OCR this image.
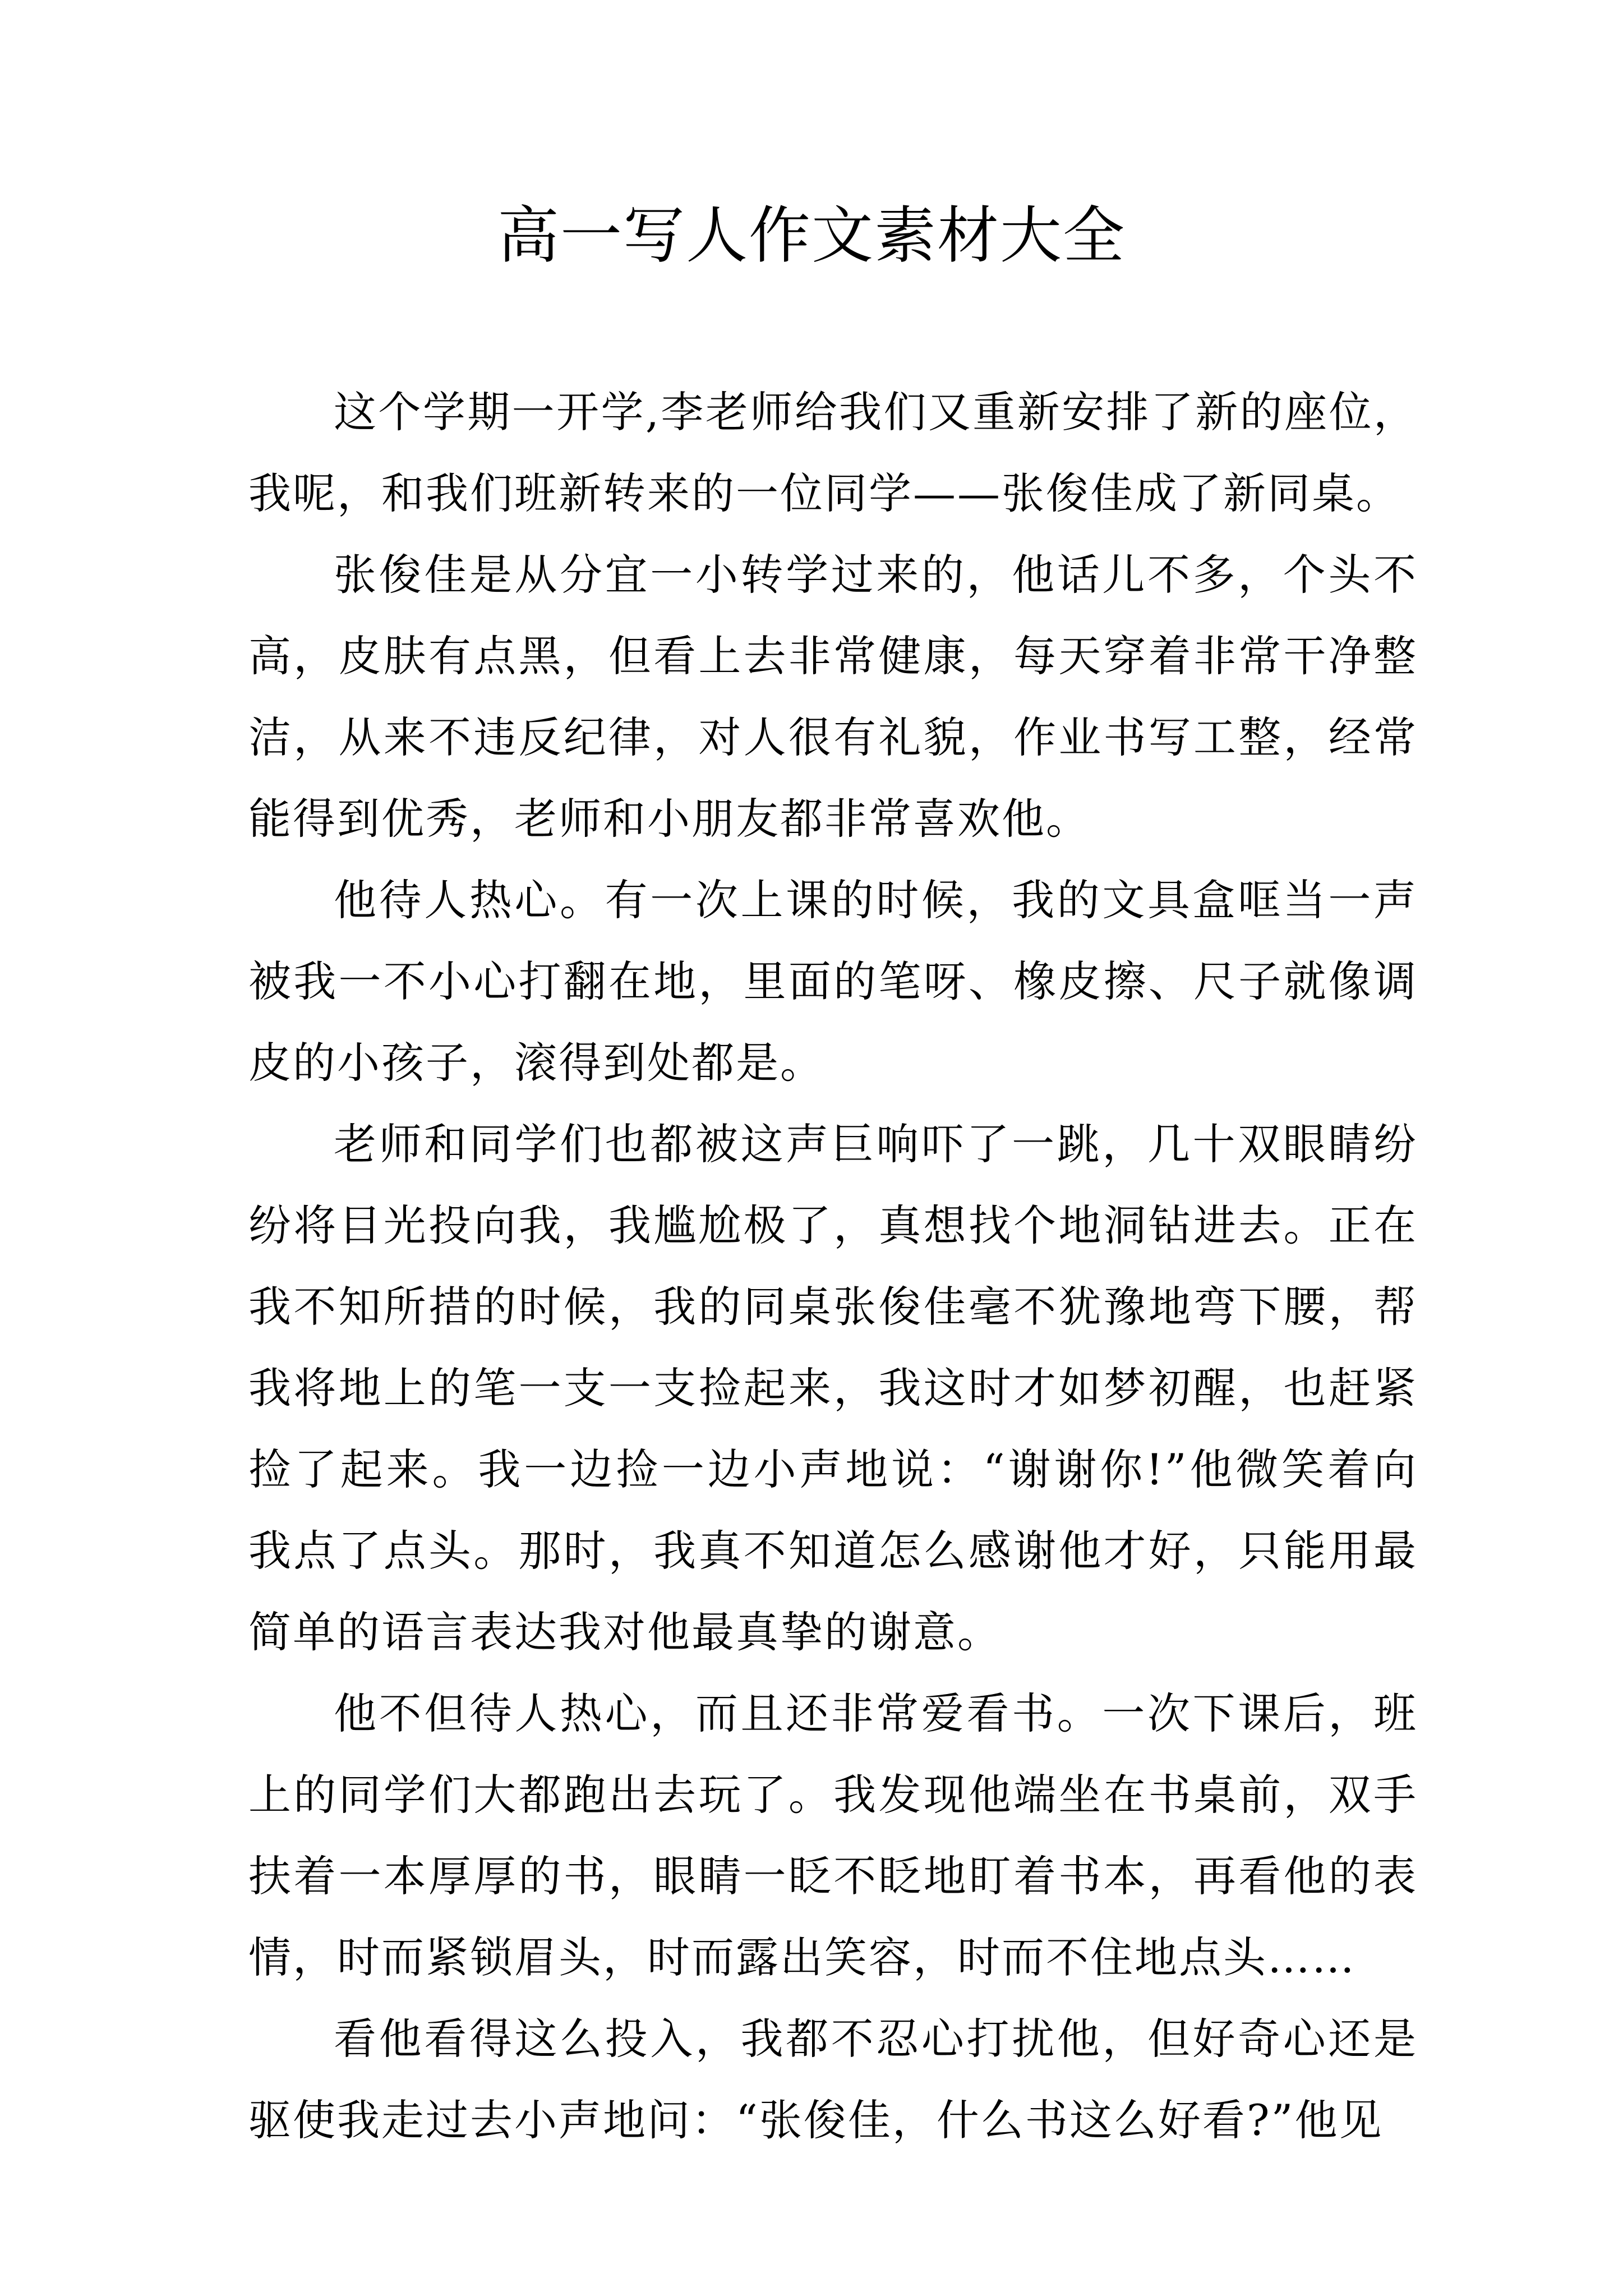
高一写人作文素材大全

这个学期一开学,李老师给我们又重新安排了新的座位，我呢，和我们班新转来的一位同学——张俊佳成了新同桌。

张俊佳是从分宜一小转学过来的，他话儿不多，个头不高，皮肤有点黑，但看上去非常健康，每天穿着非常干净整洁，从来不违反纪律，对人很有礼貌，作业书写工整，经常能得到优秀，老师和小朋友都非常喜欢他。

他待人热心。有一次上课的时候，我的文具盒哐当一声被我一不小心打翻在地，里面的笔呀、橡皮擦、尺子就像调皮的小孩子，滚得到处都是。

老师和同学们也都被这声巨响吓了一跳，几十双眼睛纷纷将目光投向我，我尴尬极了，真想找个地洞钻进去。正在我不知所措的时候，我的同桌张俊佳毫不犹豫地弯下腰，帮我将地上的笔一支一支捡起来，我这时才如梦初醒，也赶紧捡了起来。我一边捡一边小声地说：“谢谢你!”他微笑着向我点了点头。那时，我真不知道怎么感谢他才好，只能用最简单的语言表达我对他最真挚的谢意。

他不但待人热心，而且还非常爱看书。一次下课后，班上的同学们大都跑出去玩了。我发现他端坐在书桌前，双手扶着一本厚厚的书，眼睛一眨不眨地盯着书本，再看他的表情，时而紧锁眉头，时而露出笑容，时而不住地点头……

看他看得这么投入，我都不忍心打扰他，但好奇心还是驱使我走过去小声地问：“张俊佳，什么书这么好看?”他见
